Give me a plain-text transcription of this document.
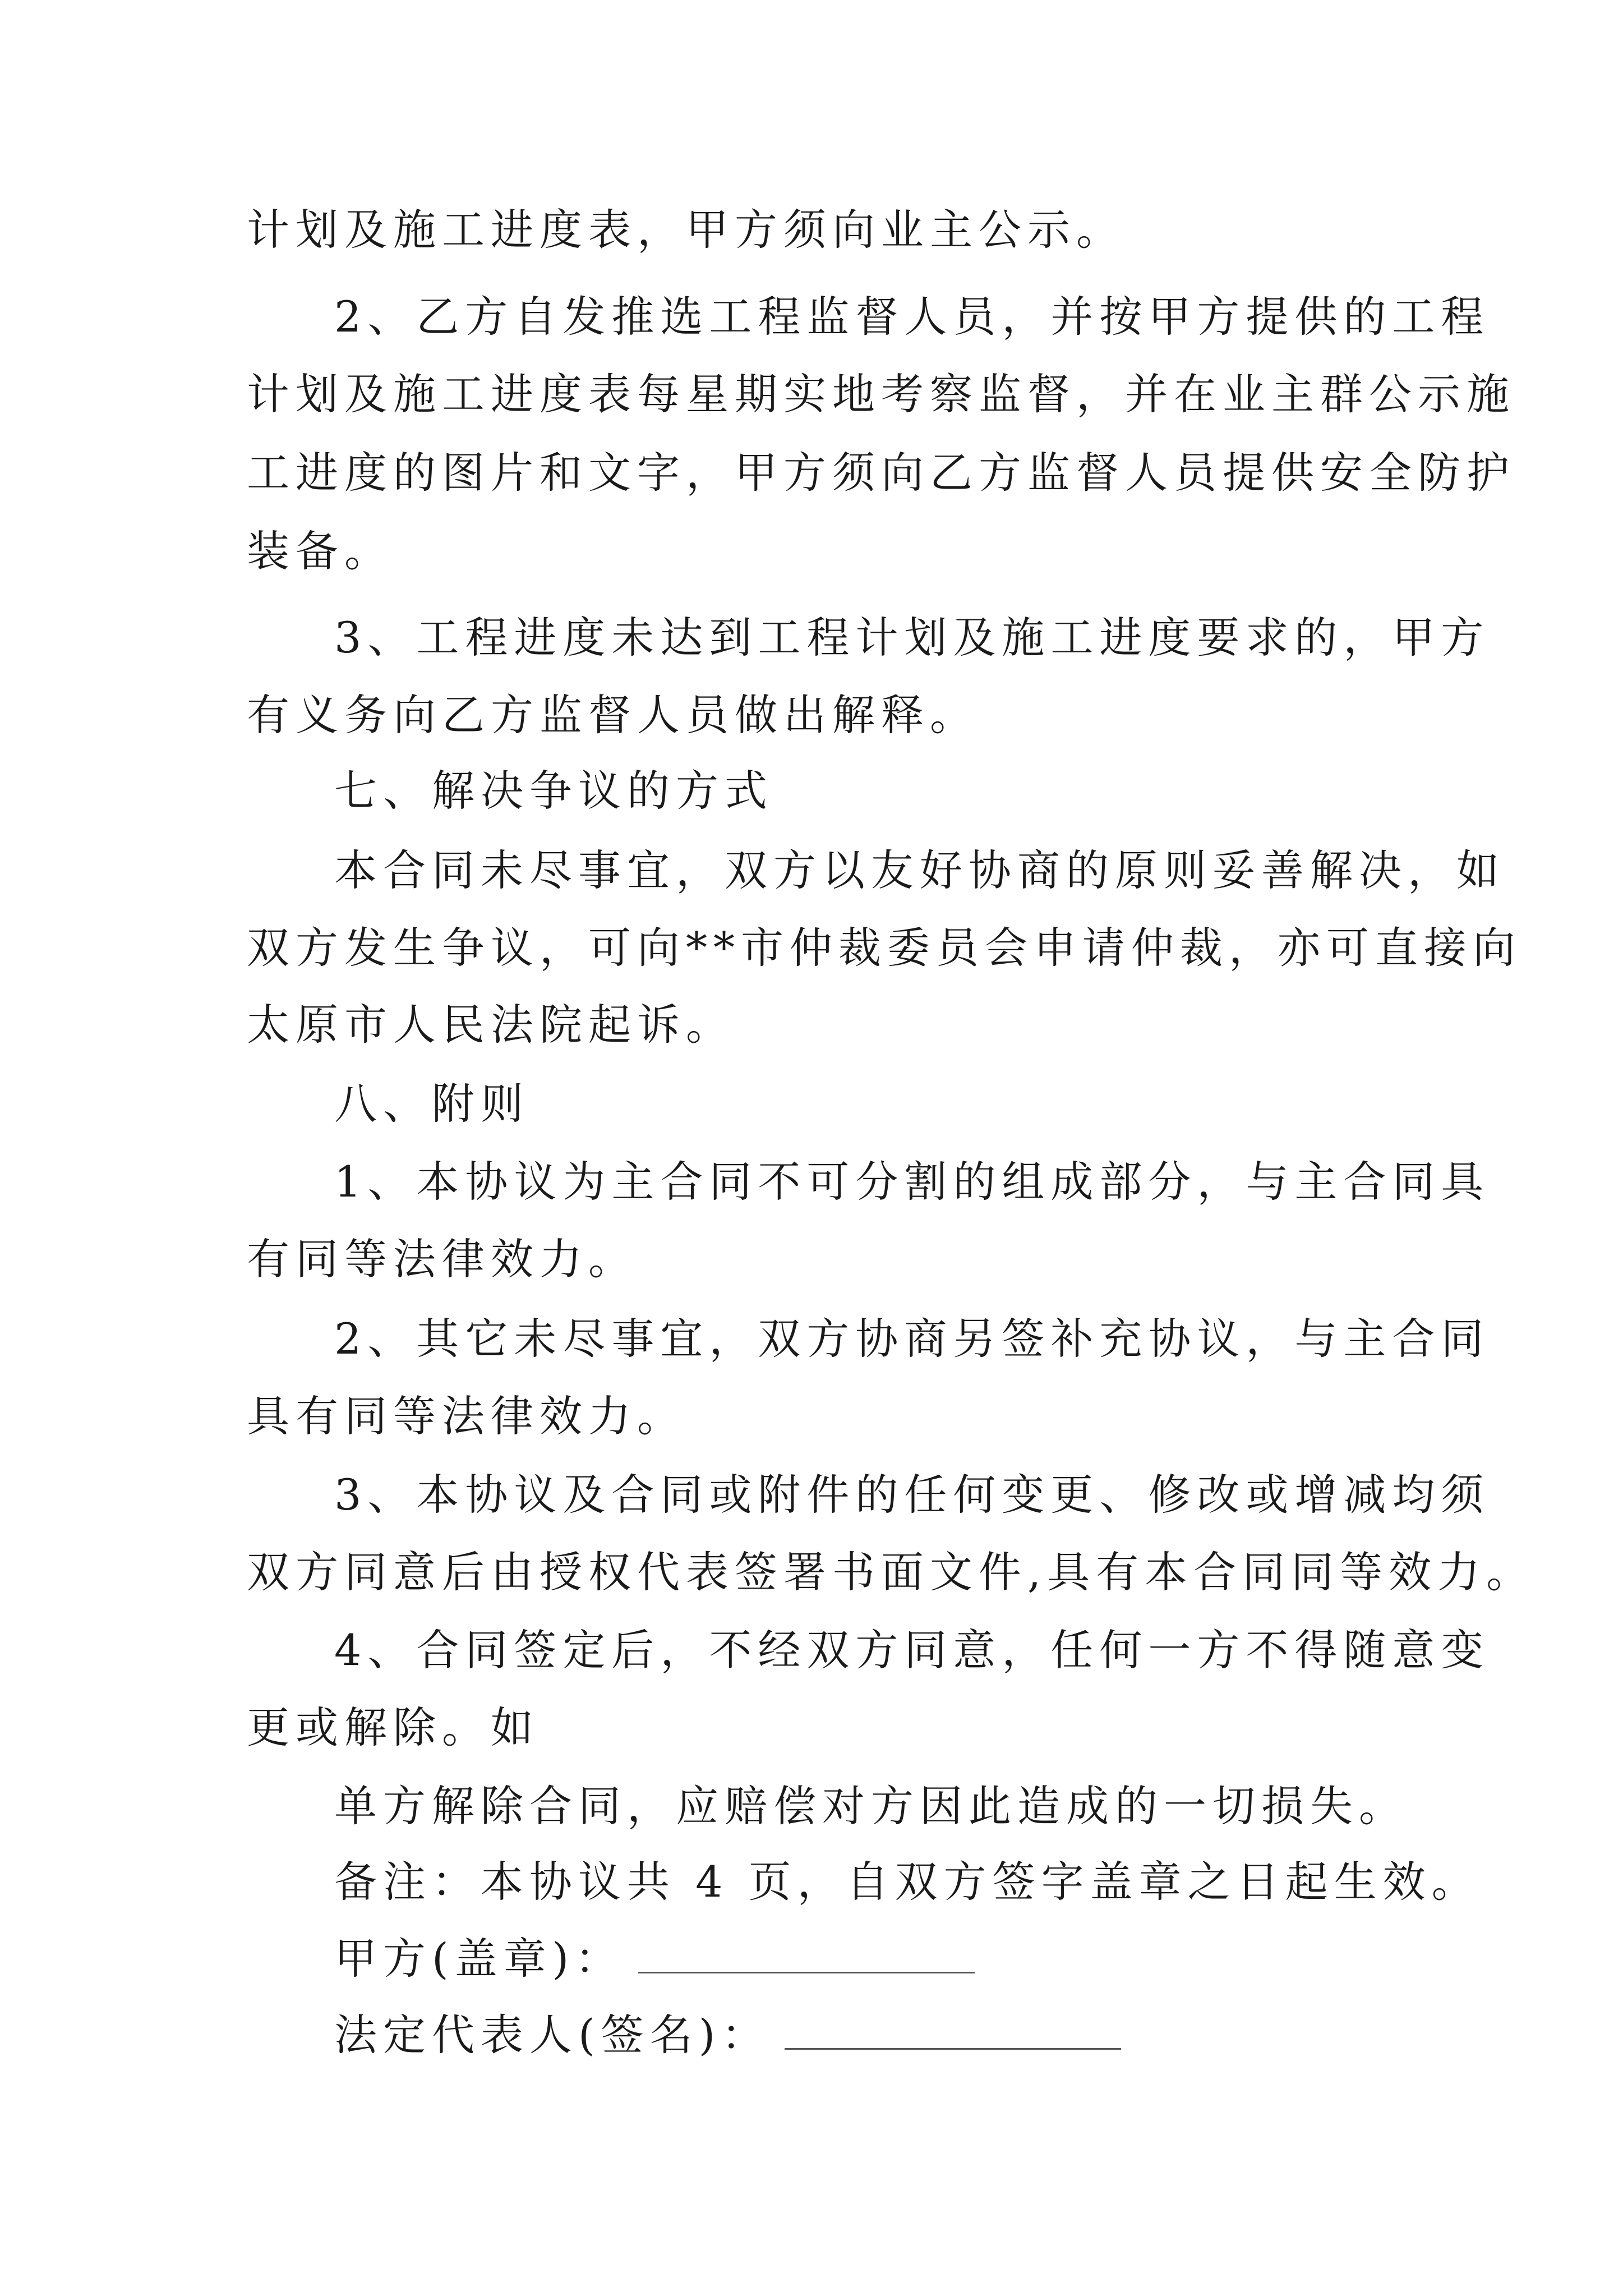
计划及施工进度表，甲方须向业主公示。
2、乙方自发推选工程监督人员，并按甲方提供的工程
计划及施工进度表每星期实地考察监督，并在业主群公示施
工进度的图片和文字，甲方须向乙方监督人员提供安全防护
装备。
3、工程进度未达到工程计划及施工进度要求的，甲方
有义务向乙方监督人员做出解释。
七、解决争议的方式
本合同未尽事宜，双方以友好协商的原则妥善解决，如
双方发生争议，可向**市仲裁委员会申请仲裁，亦可直接向
太原市人民法院起诉。
八、附则
1、本协议为主合同不可分割的组成部分，与主合同具
有同等法律效力。
2、其它未尽事宜，双方协商另签补充协议，与主合同
具有同等法律效力。
3、本协议及合同或附件的任何变更、修改或增减均须
双方同意后由授权代表签署书面文件,具有本合同同等效力。
4、合同签定后，不经双方同意，任何一方不得随意变
更或解除。如
单方解除合同，应赔偿对方因此造成的一切损失。
备注：本协议共 4 页，自双方签字盖章之日起生效。
甲方(盖章)：
法定代表人(签名)：
